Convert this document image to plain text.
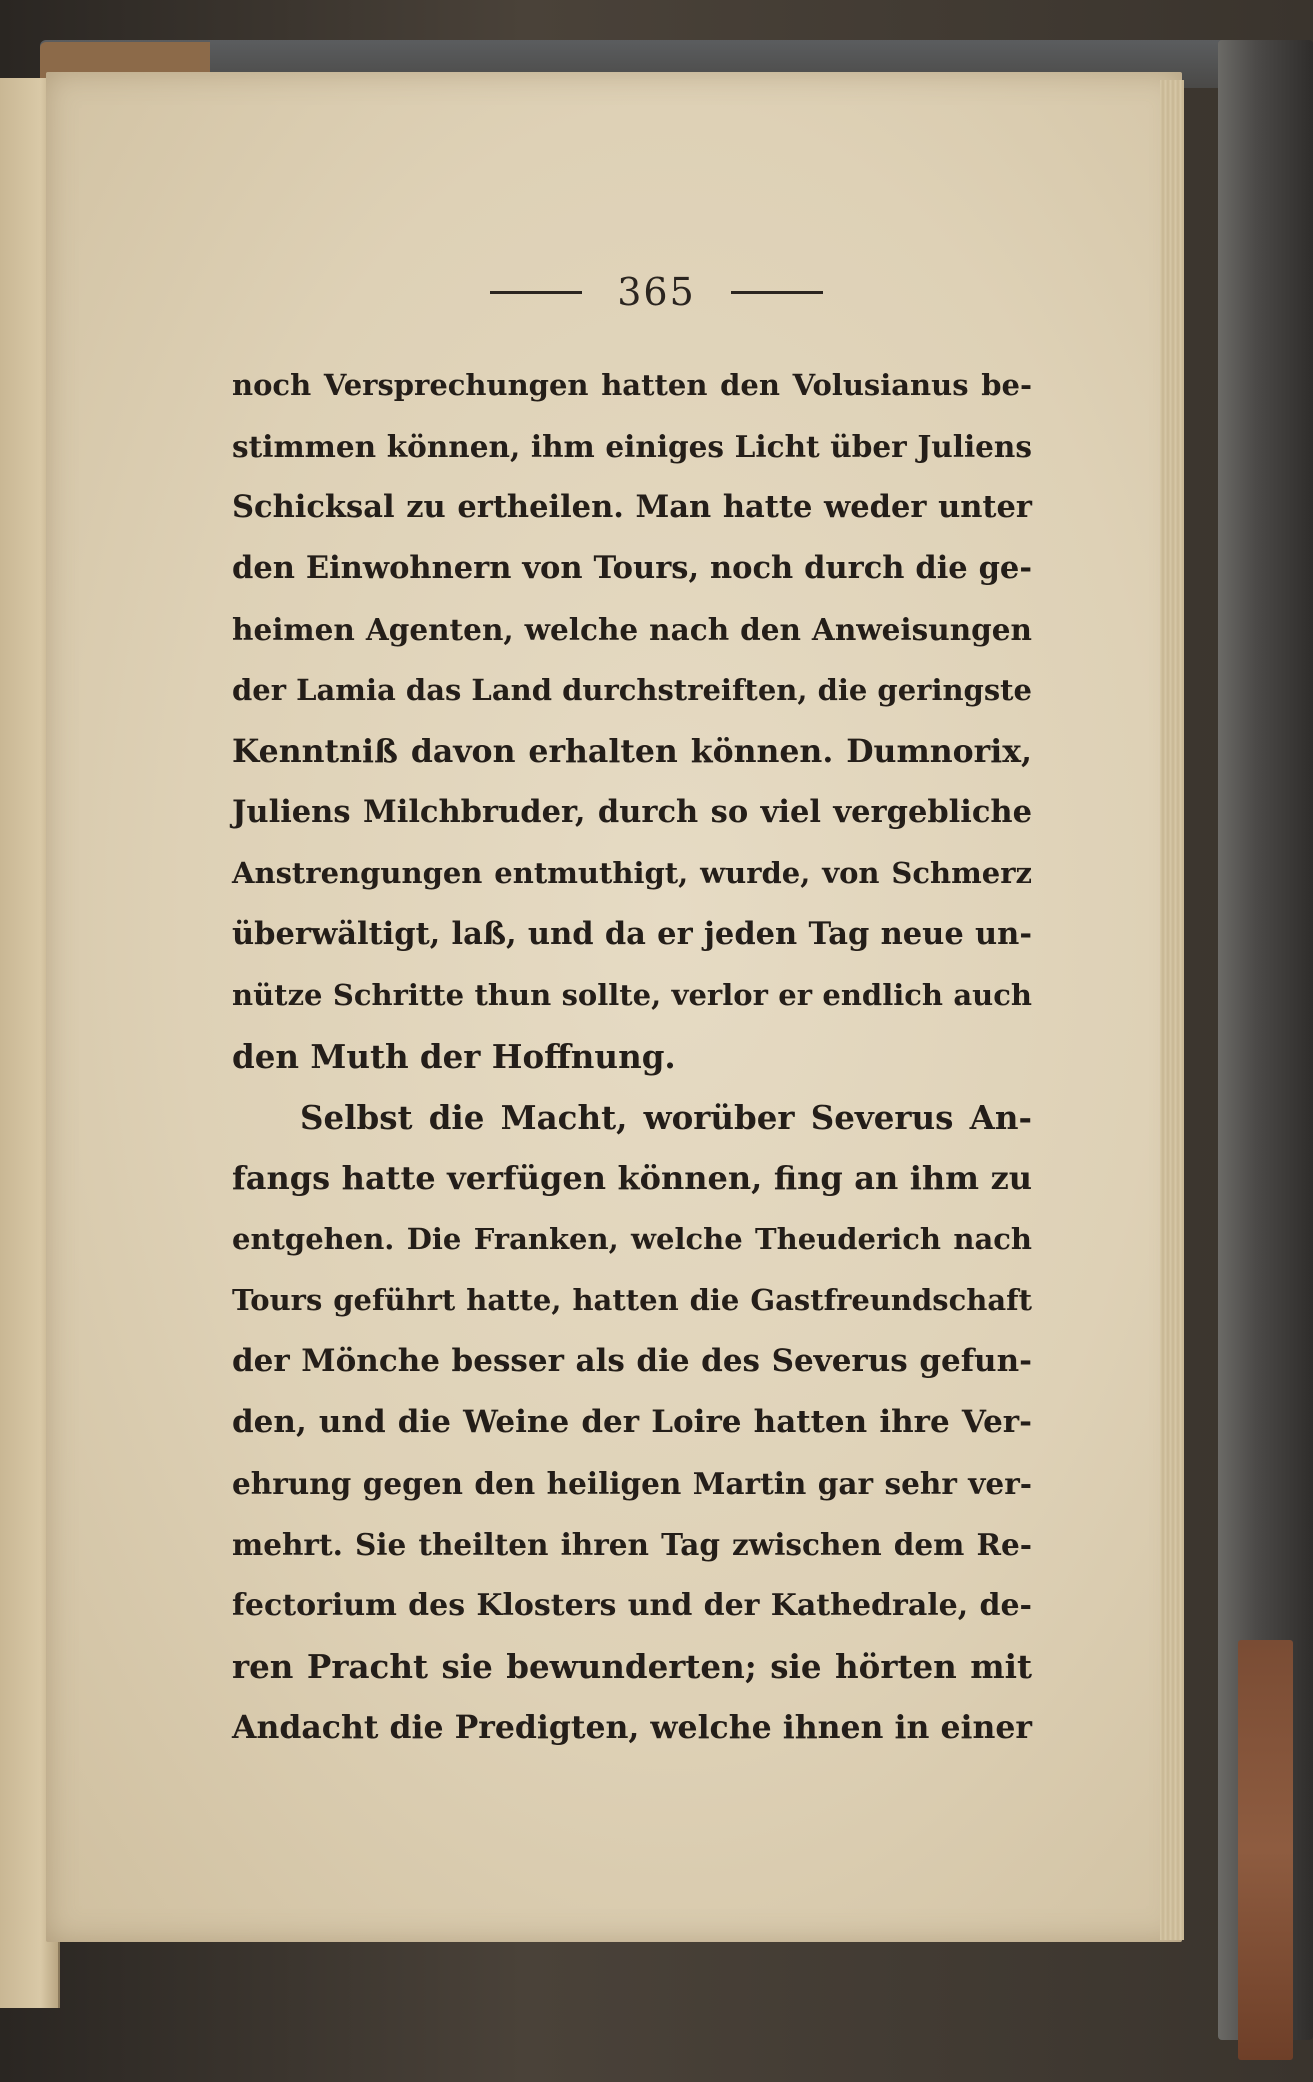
365
noch Versprechungen hatten den Volusianus be-
stimmen können, ihm einiges Licht über Juliens
Schicksal zu ertheilen. Man hatte weder unter
den Einwohnern von Tours, noch durch die ge-
heimen Agenten, welche nach den Anweisungen
der Lamia das Land durchstreiften, die geringste
Kenntniß davon erhalten können. Dumnorix,
Juliens Milchbruder, durch so viel vergebliche
Anstrengungen entmuthigt, wurde, von Schmerz
überwältigt, laß, und da er jeden Tag neue un-
nütze Schritte thun sollte, verlor er endlich auch
den Muth der Hoffnung.
Selbst die Macht, worüber Severus An-
fangs hatte verfügen können, fing an ihm zu
entgehen. Die Franken, welche Theuderich nach
Tours geführt hatte, hatten die Gastfreundschaft
der Mönche besser als die des Severus gefun-
den, und die Weine der Loire hatten ihre Ver-
ehrung gegen den heiligen Martin gar sehr ver-
mehrt. Sie theilten ihren Tag zwischen dem Re-
fectorium des Klosters und der Kathedrale, de-
ren Pracht sie bewunderten; sie hörten mit
Andacht die Predigten, welche ihnen in einer
